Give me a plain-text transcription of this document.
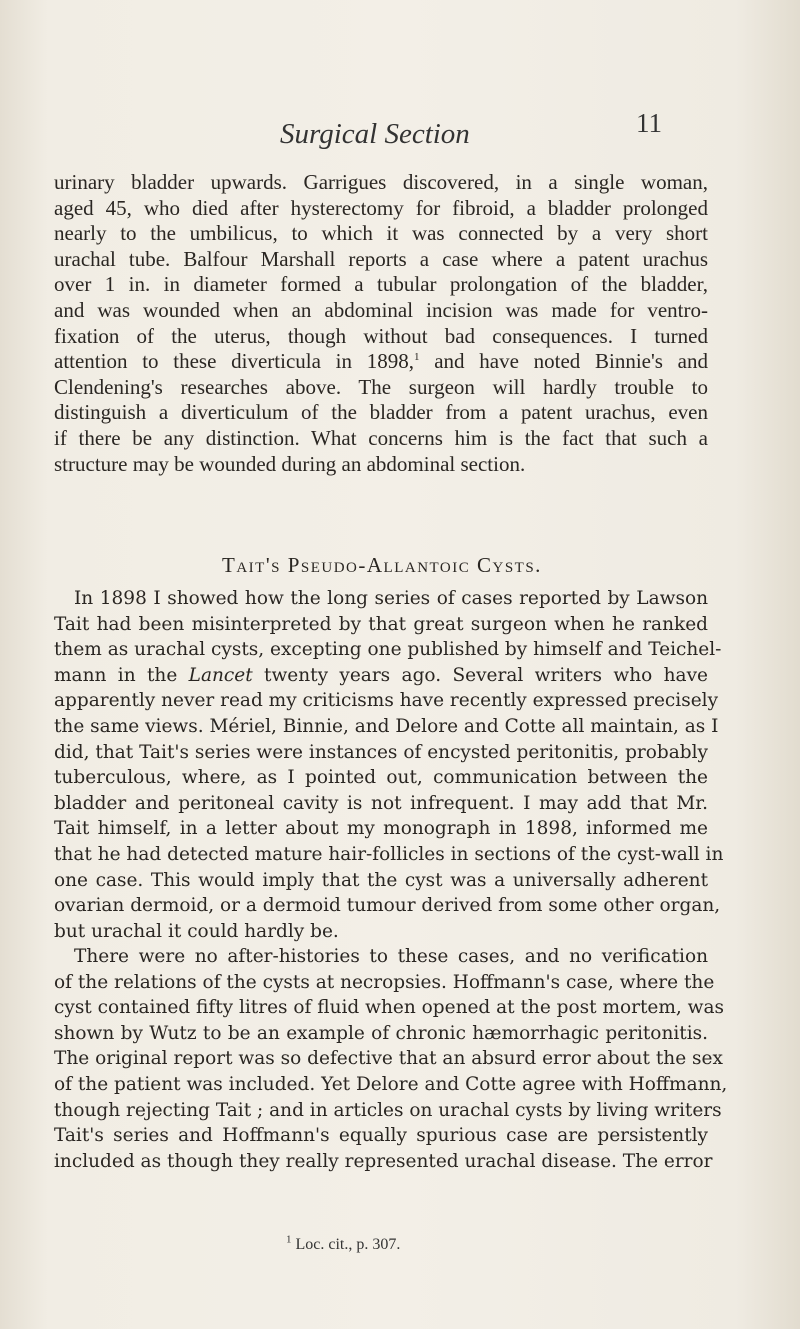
Surgical Section	11

urinary bladder upwards. Garrigues discovered, in a single woman,
aged 45, who died after hysterectomy for fibroid, a bladder prolonged
nearly to the umbilicus, to which it was connected by a very short
urachal tube. Balfour Marshall reports a case where a patent urachus
over 1 in. in diameter formed a tubular prolongation of the bladder,
and was wounded when an abdominal incision was made for ventro-
fixation of the uterus, though without bad consequences. I turned
attention to these diverticula in 1898,$^1$ and have noted Binnie's and
Clendening's researches above. The surgeon will hardly trouble to
distinguish a diverticulum of the bladder from a patent urachus, even
if there be any distinction. What concerns him is the fact that such a
structure may be wounded during an abdominal section.
Tait's Pseudo-Allantoic Cysts.
In 1898 I showed how the long series of cases reported by Lawson
Tait had been misinterpreted by that great surgeon when he ranked
them as urachal cysts, excepting one published by himself and Teichel-
mann in the Lancet twenty years ago. Several writers who have
apparently never read my criticisms have recently expressed precisely
the same views. Mériel, Binnie, and Delore and Cotte all maintain, as I
did, that Tait's series were instances of encysted peritonitis, probably
tuberculous, where, as I pointed out, communication between the
bladder and peritoneal cavity is not infrequent. I may add that Mr.
Tait himself, in a letter about my monograph in 1898, informed me
that he had detected mature hair-follicles in sections of the cyst-wall in
one case. This would imply that the cyst was a universally adherent
ovarian dermoid, or a dermoid tumour derived from some other organ,
but urachal it could hardly be.
There were no after-histories to these cases, and no verification
of the relations of the cysts at necropsies. Hoffmann's case, where the
cyst contained fifty litres of fluid when opened at the post mortem, was
shown by Wutz to be an example of chronic hæmorrhagic peritonitis.
The original report was so defective that an absurd error about the sex
of the patient was included. Yet Delore and Cotte agree with Hoffmann,
though rejecting Tait ; and in articles on urachal cysts by living writers
Tait's series and Hoffmann's equally spurious case are persistently
included as though they really represented urachal disease. The error

$^1$ Loc. cit., p. 307.
